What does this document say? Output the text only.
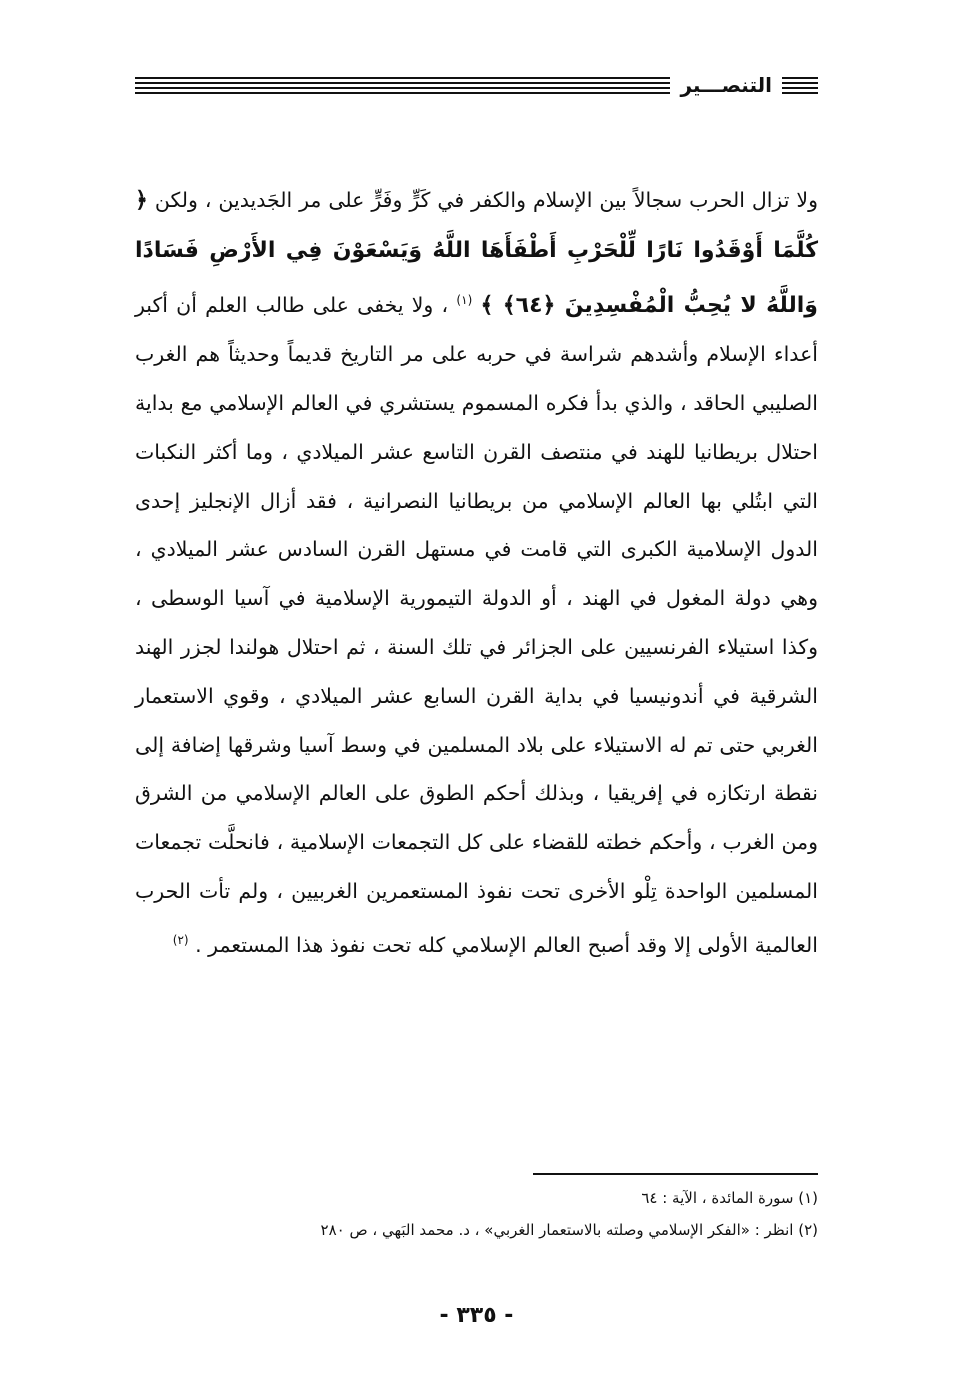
التنصـــير
ولا تزال الحرب سجالاً بين الإسلام والكفر في كَرٍّ وفَرٍّ على مر الجَديدين ، ولكن ﴿ كُلَّمَا أَوْقَدُوا نَارًا لِّلْحَرْبِ أَطْفَأَهَا اللَّهُ وَيَسْعَوْنَ فِي الأَرْضِ فَسَادًا وَاللَّهُ لا يُحِبُّ الْمُفْسِدِينَ ﴿٦٤﴾ ﴾ $^{(١)}$ ، ولا يخفى على طالب العلم أن أكبر أعداء الإسلام وأشدهم شراسة في حربه على مر التاريخ قديماً وحديثاً هم الغرب الصليبي الحاقد ، والذي بدأ فكره المسموم يستشري في العالم الإسلامي مع بداية احتلال بريطانيا للهند في منتصف القرن التاسع عشر الميلادي ، وما أكثر النكبات التي ابتُلي بها العالم الإسلامي من بريطانيا النصرانية ، فقد أزال الإنجليز إحدى الدول الإسلامية الكبرى التي قامت في مستهل القرن السادس عشر الميلادي ، وهي دولة المغول في الهند ، أو الدولة التيمورية الإسلامية في آسيا الوسطى ، وكذا استيلاء الفرنسيين على الجزائر في تلك السنة ، ثم احتلال هولندا لجزر الهند الشرقية في أندونيسيا في بداية القرن السابع عشر الميلادي ، وقوي الاستعمار الغربي حتى تم له الاستيلاء على بلاد المسلمين في وسط آسيا وشرقها إضافة إلى نقطة ارتكازه في إفريقيا ، وبذلك أحكم الطوق على العالم الإسلامي من الشرق ومن الغرب ، وأحكم خطته للقضاء على كل التجمعات الإسلامية ، فانحلَّت تجمعات المسلمين الواحدة تِلْو الأخرى تحت نفوذ المستعمرين الغربيين ، ولم تأت الحرب العالمية الأولى إلا وقد أصبح العالم الإسلامي كله تحت نفوذ هذا المستعمر . $^{(٢)}$
(١) سورة المائدة ، الآية : ٦٤
(٢) انظر : «الفكر الإسلامي وصلته بالاستعمار الغربي» ، د. محمد البَهي ، ص ٢٨٠
- ٣٣٥ -
